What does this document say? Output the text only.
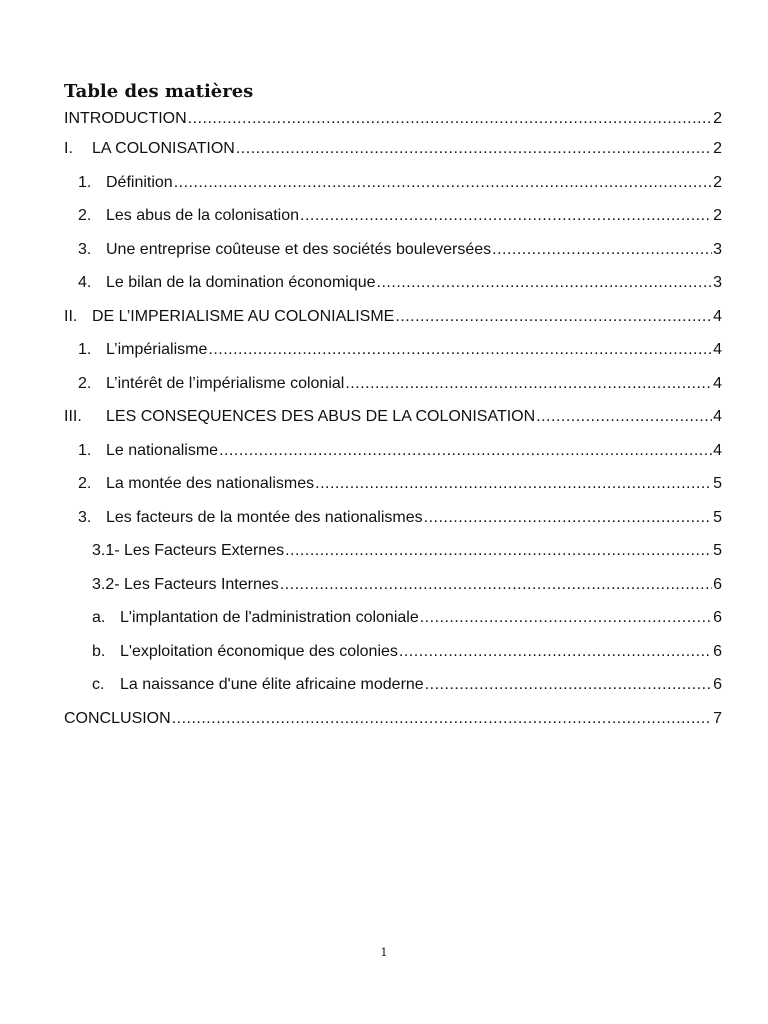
Table des matières
INTRODUCTION .....	2
I.	LA COLONISATION .....	2
1. Définition .....	2
2. Les abus de la colonisation .....	2
3. Une entreprise coûteuse et des sociétés bouleversées .....	3
4. Le bilan de la domination économique .....	3
II. DE L’IMPERIALISME AU COLONIALISME .....	4
1. L’impérialisme .....	4
2. L’intérêt de l’impérialisme colonial .....	4
III.	LES CONSEQUENCES DES ABUS DE LA COLONISATION .....	4
1. Le nationalisme .....	4
2. La montée des nationalismes .....	5
3. Les facteurs de la montée des nationalismes .....	5
3.1- Les Facteurs Externes .....	5
3.2- Les Facteurs Internes .....	6
a. L'implantation de l'administration coloniale .....	6
b. L'exploitation économique des colonies .....	6
c. La naissance d'une élite africaine moderne .....	6
CONCLUSION .....	7
1
